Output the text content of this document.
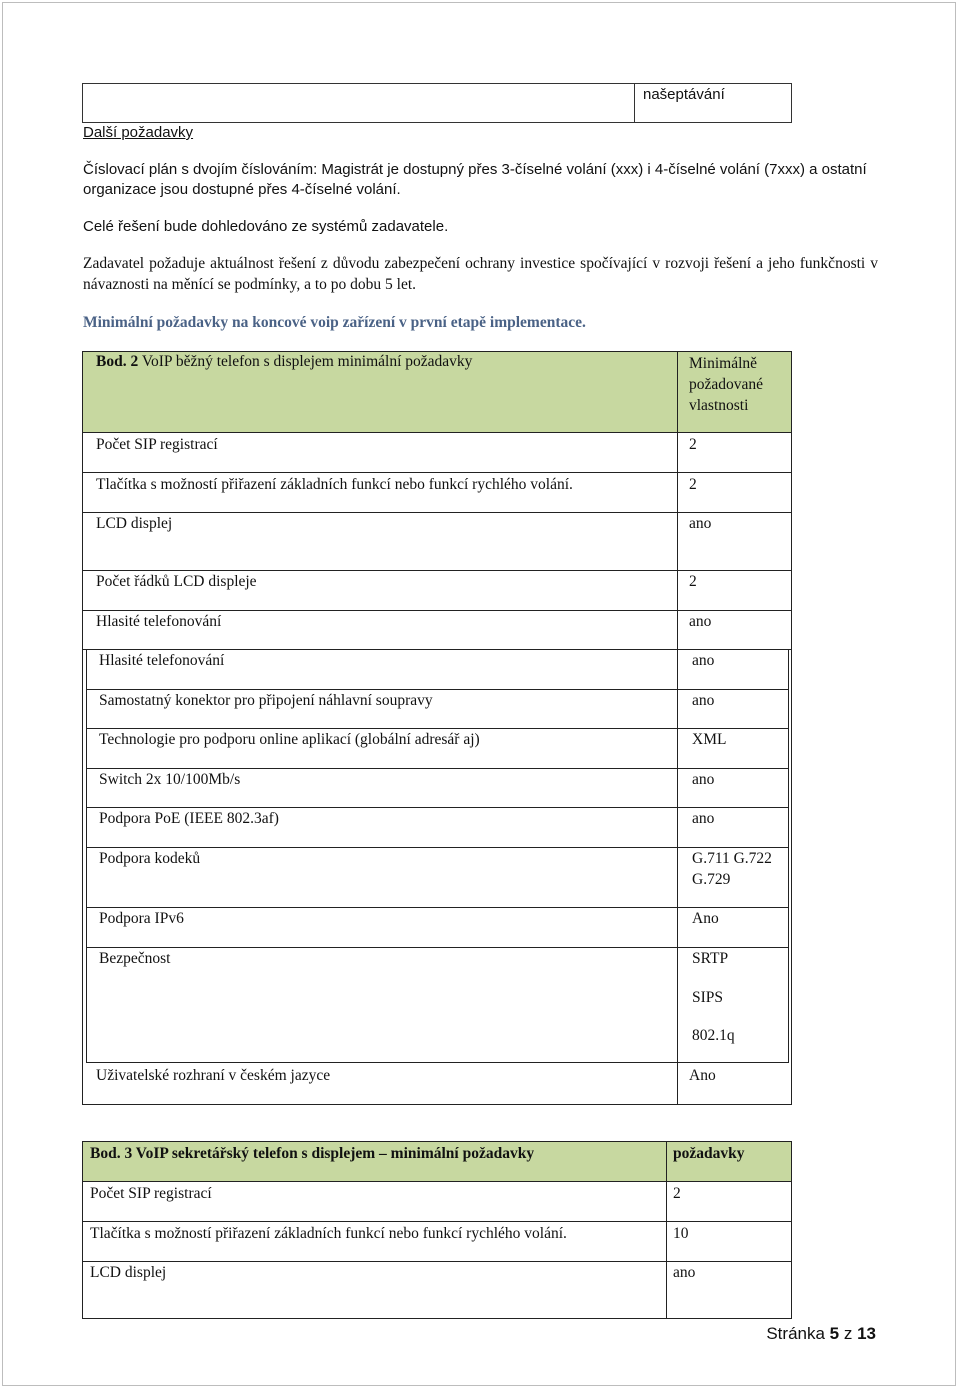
našeptávání
Další požadavky
Číslovací plán s dvojím číslováním: Magistrát je dostupný přes 3-číselné volání (xxx) i 4-číselné volání (7xxx) a ostatní organizace jsou dostupné přes 4-číselné volání.
Celé řešení bude dohledováno ze systémů zadavatele.
Zadavatel požaduje aktuálnost řešení z důvodu zabezpečení ochrany investice spočívající v rozvoji řešení a jeho funkčnosti v návaznosti na měnící se podmínky, a to po dobu 5 let.
Minimální požadavky na koncové voip zařízení v první etapě implementace.
Bod. 2 VoIP běžný telefon s displejem minimální požadavky	Minimálně požadované vlastnosti
Počet SIP registrací	2
Tlačítka s možností přiřazení základních funkcí nebo funkcí rychlého volání.	2
LCD displej	ano
Počet řádků LCD displeje	2
Hlasité telefonování	ano
Hlasité telefonování	ano
Samostatný konektor pro připojení náhlavní soupravy	ano
Technologie pro podporu online aplikací (globální adresář aj)	XML
Switch 2x 10/100Mb/s	ano
Podpora PoE (IEEE 802.3af)	ano
Podpora kodeků	G.711 G.722 G.729
Podpora IPv6	Ano
Bezpečnost	SRTP
SIPS
802.1q
Uživatelské rozhraní v českém jazyce	Ano
Bod. 3 VoIP sekretářský telefon s displejem – minimální požadavky	požadavky
Počet SIP registrací	2
Tlačítka s možností přiřazení základních funkcí nebo funkcí rychlého volání.	10
LCD displej	ano
Stránka 5 z 13
